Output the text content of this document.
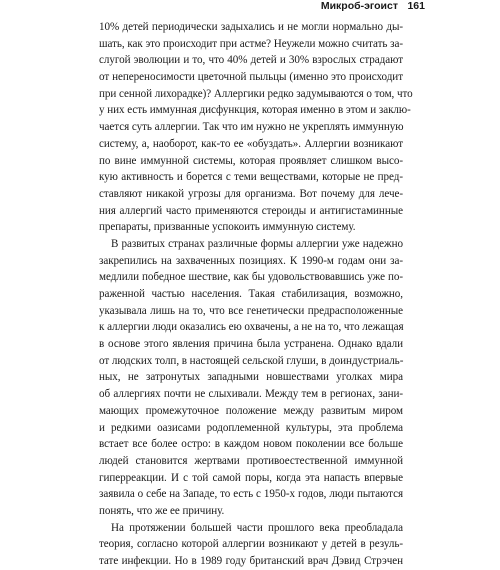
Микроб-эгоист 161
10% детей периодически задыхались и не могли нормально ды-
шать, как это происходит при астме? Неужели можно считать за-
слугой эволюции и то, что 40% детей и 30% взрослых страдают
от непереносимости цветочной пыльцы (именно это происходит
при сенной лихорадке)? Аллергики редко задумываются о том, что
у них есть иммунная дисфункция, которая именно в этом и заклю-
чается суть аллергии. Так что им нужно не укреплять иммунную
систему, а, наоборот, как-то ее «обуздать». Аллергии возникают
по вине иммунной системы, которая проявляет слишком высо-
кую активность и борется с теми веществами, которые не пред-
ставляют никакой угрозы для организма. Вот почему для лече-
ния аллергий часто применяются стероиды и антигистаминные
препараты, призванные успокоить иммунную систему.
В развитых странах различные формы аллергии уже надежно
закрепились на захваченных позициях. К 1990-м годам они за-
медлили победное шествие, как бы удовольствовавшись уже по-
раженной частью населения. Такая стабилизация, возможно,
указывала лишь на то, что все генетически предрасположенные
к аллергии люди оказались ею охвачены, а не на то, что лежащая
в основе этого явления причина была устранена. Однако вдали
от людских толп, в настоящей сельской глуши, в доиндустриаль-
ных, не затронутых западными новшествами уголках мира
об аллергиях почти не слыхивали. Между тем в регионах, зани-
мающих промежуточное положение между развитым миром
и редкими оазисами родоплеменной культуры, эта проблема
встает все более остро: в каждом новом поколении все больше
людей становится жертвами противоестественной иммунной
гиперреакции. И с той самой поры, когда эта напасть впервые
заявила о себе на Западе, то есть с 1950-х годов, люди пытаются
понять, что же ее причину.
На протяжении большей части прошлого века преобладала
теория, согласно которой аллергии возникают у детей в резуль-
тате инфекции. Но в 1989 году британский врач Дэвид Стрэчен
